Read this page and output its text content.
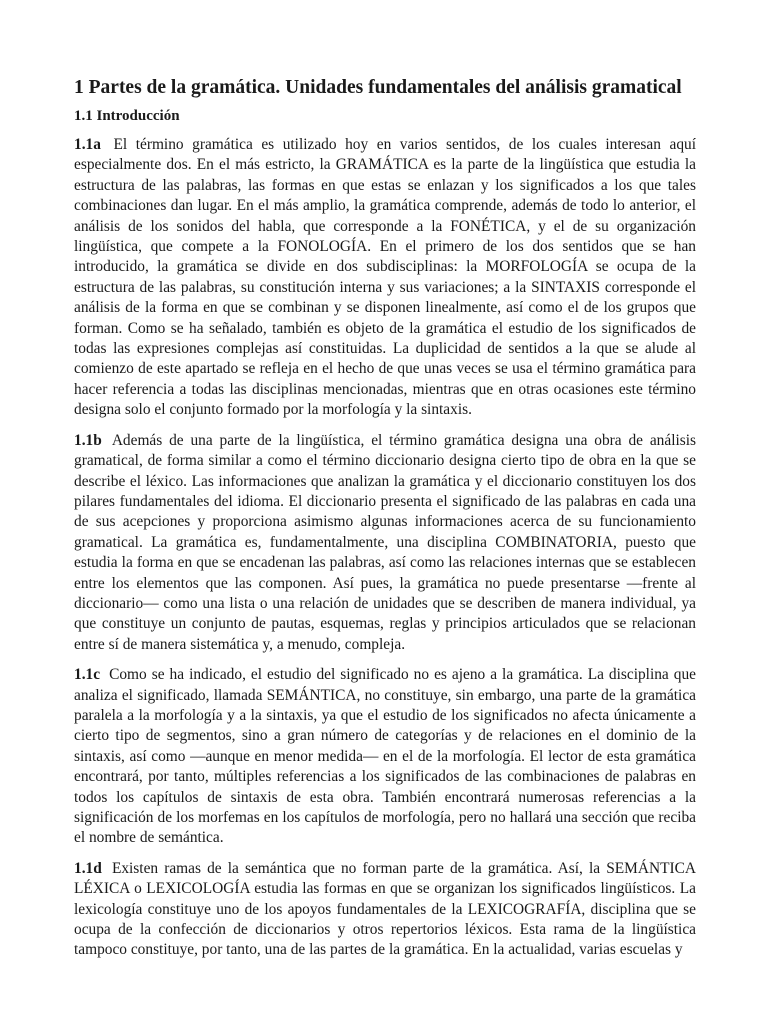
1 Partes de la gramática. Unidades fundamentales del análisis gramatical
1.1 Introducción

1.1a El término gramática es utilizado hoy en varios sentidos, de los cuales interesan aquí especialmente dos. En el más estricto, la GRAMÁTICA es la parte de la lingüística que estudia la estructura de las palabras, las formas en que estas se enlazan y los significados a los que tales combinaciones dan lugar. En el más amplio, la gramática comprende, además de todo lo anterior, el análisis de los sonidos del habla, que corresponde a la FONÉTICA, y el de su organización lingüística, que compete a la FONOLOGÍA. En el primero de los dos sentidos que se han introducido, la gramática se divide en dos subdisciplinas: la MORFOLOGÍA se ocupa de la estructura de las palabras, su constitución interna y sus variaciones; a la SINTAXIS corresponde el análisis de la forma en que se combinan y se disponen linealmente, así como el de los grupos que forman. Como se ha señalado, también es objeto de la gramática el estudio de los significados de todas las expresiones complejas así constituidas. La duplicidad de sentidos a la que se alude al comienzo de este apartado se refleja en el hecho de que unas veces se usa el término gramática para hacer referencia a todas las disciplinas mencionadas, mientras que en otras ocasiones este término designa solo el conjunto formado por la morfología y la sintaxis.

1.1b Además de una parte de la lingüística, el término gramática designa una obra de análisis gramatical, de forma similar a como el término diccionario designa cierto tipo de obra en la que se describe el léxico. Las informaciones que analizan la gramática y el diccionario constituyen los dos pilares fundamentales del idioma. El diccionario presenta el significado de las palabras en cada una de sus acepciones y proporciona asimismo algunas informaciones acerca de su funcionamiento gramatical. La gramática es, fundamentalmente, una disciplina COMBINATORIA, puesto que estudia la forma en que se encadenan las palabras, así como las relaciones internas que se establecen entre los elementos que las componen. Así pues, la gramática no puede presentarse —frente al diccionario— como una lista o una relación de unidades que se describen de manera individual, ya que constituye un conjunto de pautas, esquemas, reglas y principios articulados que se relacionan entre sí de manera sistemática y, a menudo, compleja.

1.1c Como se ha indicado, el estudio del significado no es ajeno a la gramática. La disciplina que analiza el significado, llamada SEMÁNTICA, no constituye, sin embargo, una parte de la gramática paralela a la morfología y a la sintaxis, ya que el estudio de los significados no afecta únicamente a cierto tipo de segmentos, sino a gran número de categorías y de relaciones en el dominio de la sintaxis, así como —aunque en menor medida— en el de la morfología. El lector de esta gramática encontrará, por tanto, múltiples referencias a los significados de las combinaciones de palabras en todos los capítulos de sintaxis de esta obra. También encontrará numerosas referencias a la significación de los morfemas en los capítulos de morfología, pero no hallará una sección que reciba el nombre de semántica.

1.1d Existen ramas de la semántica que no forman parte de la gramática. Así, la SEMÁNTICA LÉXICA o LEXICOLOGÍA estudia las formas en que se organizan los significados lingüísticos. La lexicología constituye uno de los apoyos fundamentales de la LEXICOGRAFÍA, disciplina que se ocupa de la confección de diccionarios y otros repertorios léxicos. Esta rama de la lingüística tampoco constituye, por tanto, una de las partes de la gramática. En la actualidad, varias escuelas y
